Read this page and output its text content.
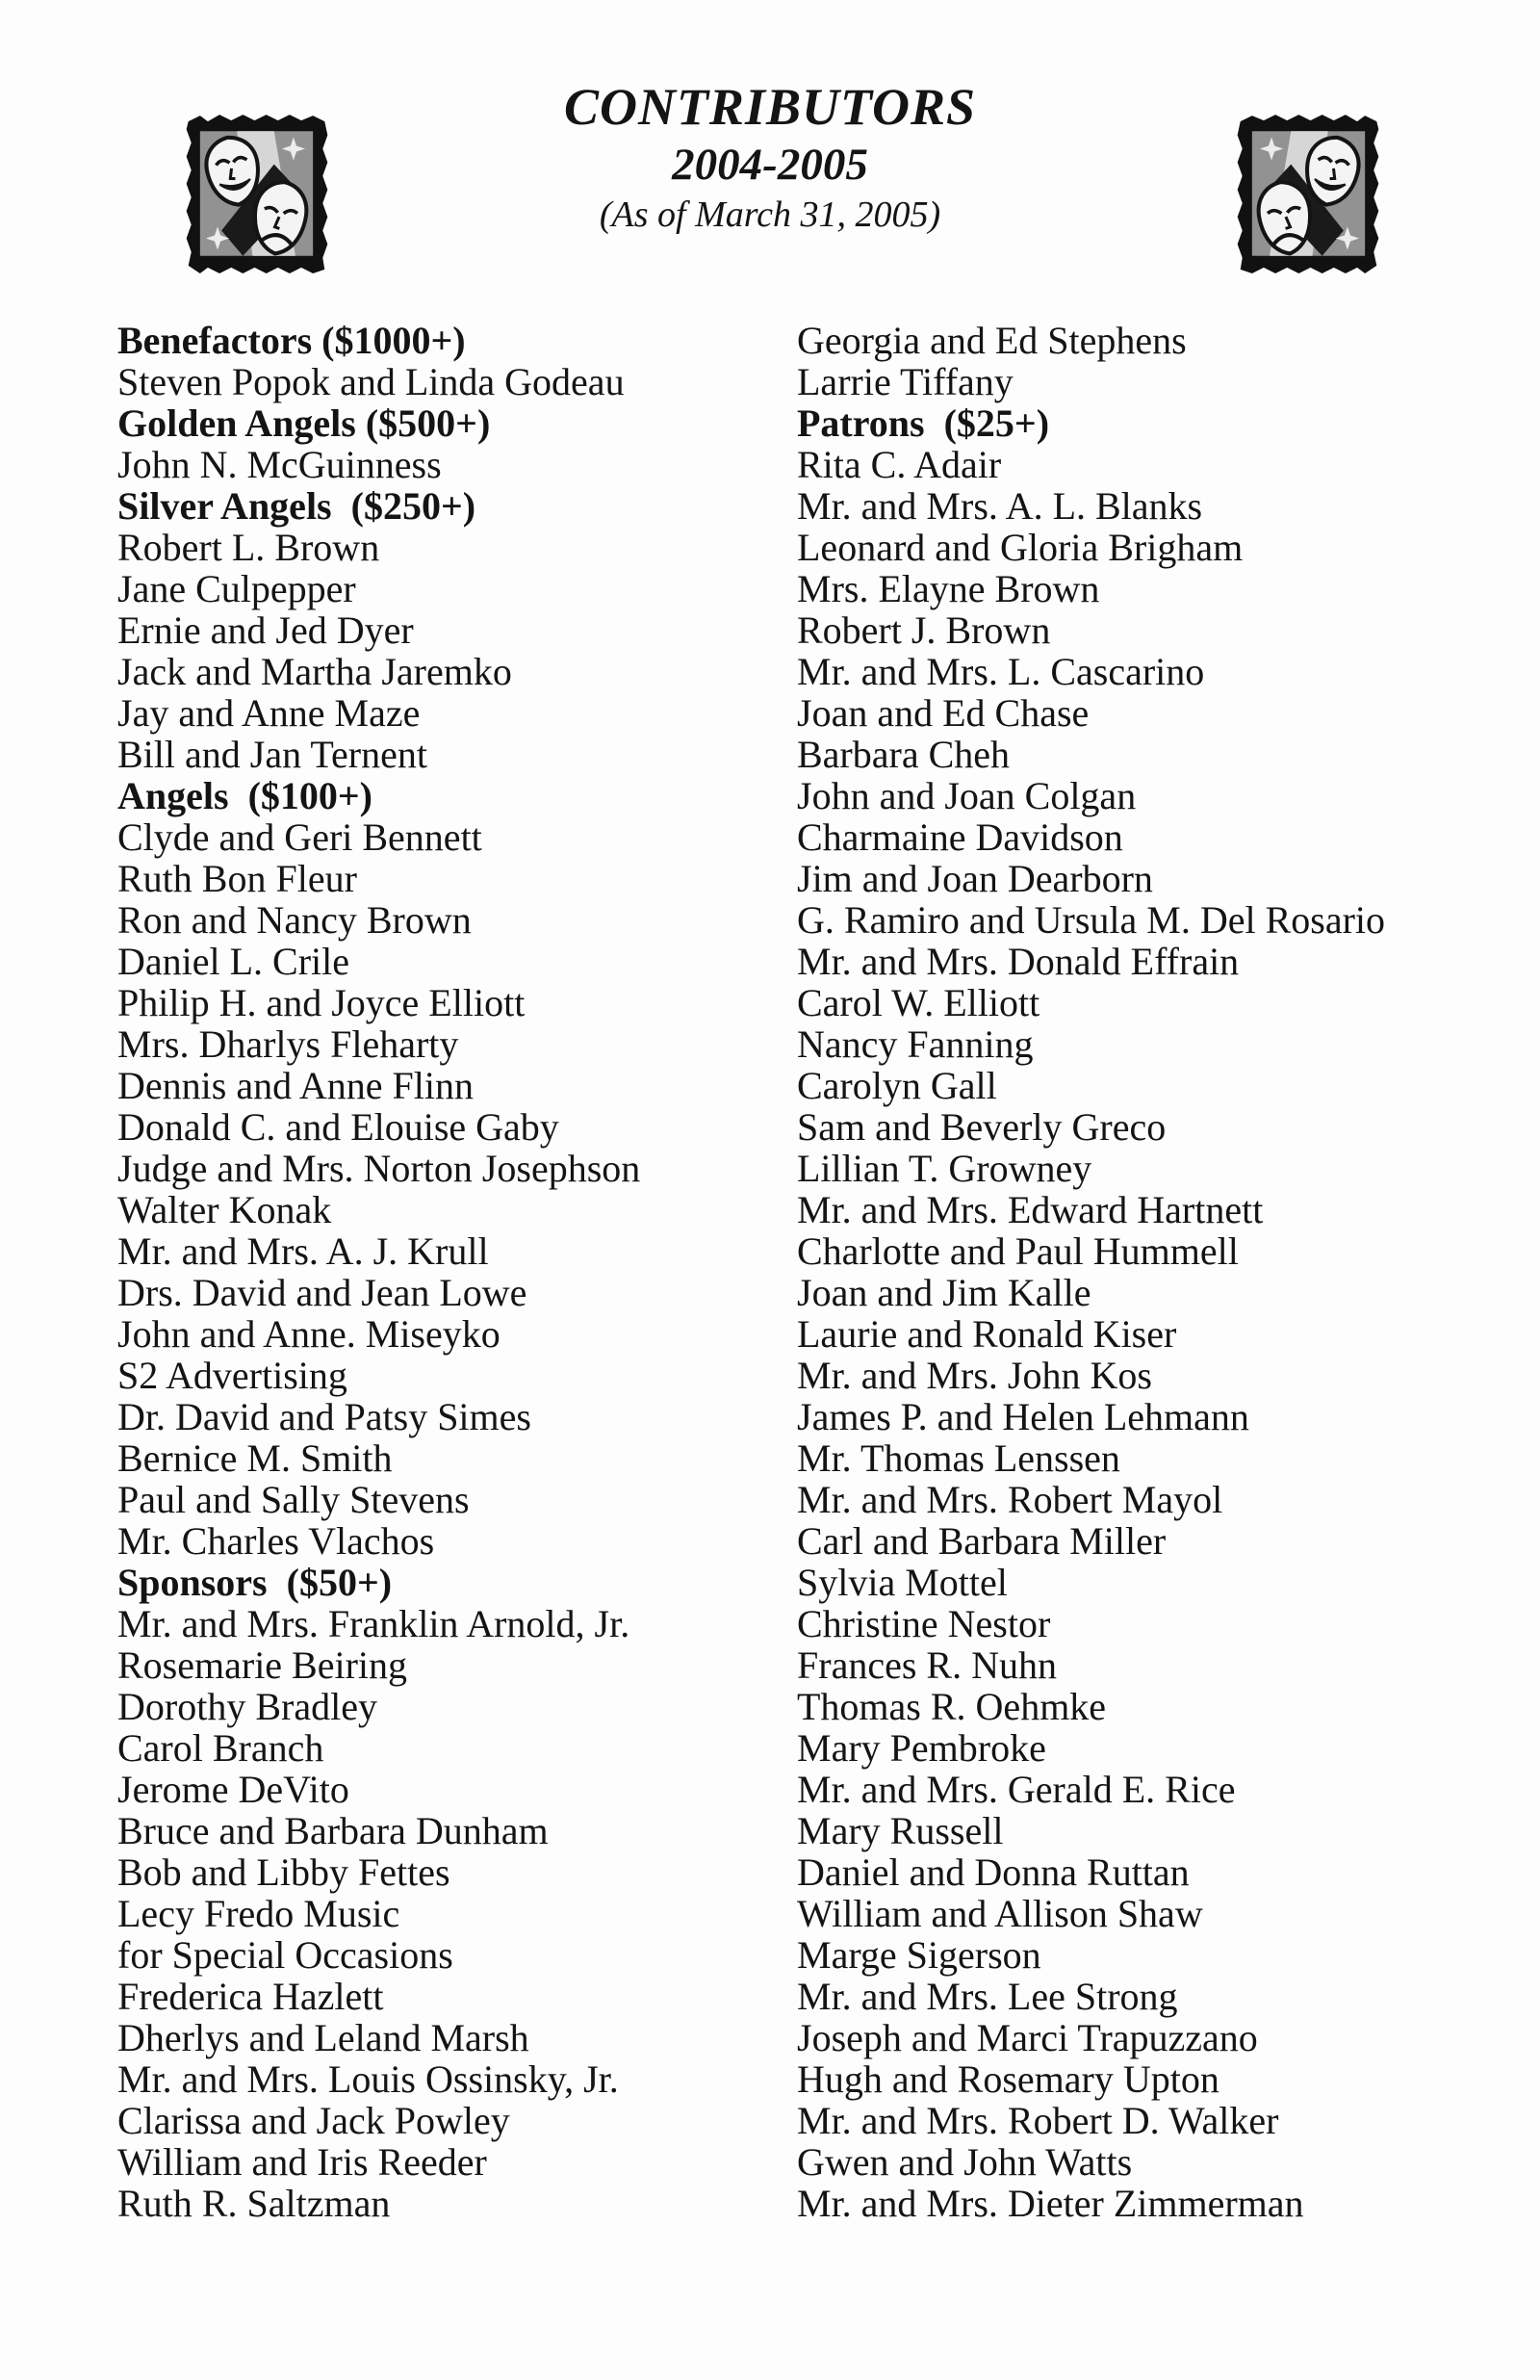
CONTRIBUTORS
2004-2005
(As of March 31, 2005)
Benefactors ($1000+)
Steven Popok and Linda Godeau
Golden Angels ($500+)
John N. McGuinness
Silver Angels  ($250+)
Robert L. Brown
Jane Culpepper
Ernie and Jed Dyer
Jack and Martha Jaremko
Jay and Anne Maze
Bill and Jan Ternent
Angels  ($100+)
Clyde and Geri Bennett
Ruth Bon Fleur
Ron and Nancy Brown
Daniel L. Crile
Philip H. and Joyce Elliott
Mrs. Dharlys Fleharty
Dennis and Anne Flinn
Donald C. and Elouise Gaby
Judge and Mrs. Norton Josephson
Walter Konak
Mr. and Mrs. A. J. Krull
Drs. David and Jean Lowe
John and Anne. Miseyko
S2 Advertising
Dr. David and Patsy Simes
Bernice M. Smith
Paul and Sally Stevens
Mr. Charles Vlachos
Sponsors  ($50+)
Mr. and Mrs. Franklin Arnold, Jr.
Rosemarie Beiring
Dorothy Bradley
Carol Branch
Jerome DeVito
Bruce and Barbara Dunham
Bob and Libby Fettes
Lecy Fredo Music
for Special Occasions
Frederica Hazlett
Dherlys and Leland Marsh
Mr. and Mrs. Louis Ossinsky, Jr.
Clarissa and Jack Powley
William and Iris Reeder
Ruth R. Saltzman
Georgia and Ed Stephens
Larrie Tiffany
Patrons  ($25+)
Rita C. Adair
Mr. and Mrs. A. L. Blanks
Leonard and Gloria Brigham
Mrs. Elayne Brown
Robert J. Brown
Mr. and Mrs. L. Cascarino
Joan and Ed Chase
Barbara Cheh
John and Joan Colgan
Charmaine Davidson
Jim and Joan Dearborn
G. Ramiro and Ursula M. Del Rosario
Mr. and Mrs. Donald Effrain
Carol W. Elliott
Nancy Fanning
Carolyn Gall
Sam and Beverly Greco
Lillian T. Growney
Mr. and Mrs. Edward Hartnett
Charlotte and Paul Hummell
Joan and Jim Kalle
Laurie and Ronald Kiser
Mr. and Mrs. John Kos
James P. and Helen Lehmann
Mr. Thomas Lenssen
Mr. and Mrs. Robert Mayol
Carl and Barbara Miller
Sylvia Mottel
Christine Nestor
Frances R. Nuhn
Thomas R. Oehmke
Mary Pembroke
Mr. and Mrs. Gerald E. Rice
Mary Russell
Daniel and Donna Ruttan
William and Allison Shaw
Marge Sigerson
Mr. and Mrs. Lee Strong
Joseph and Marci Trapuzzano
Hugh and Rosemary Upton
Mr. and Mrs. Robert D. Walker
Gwen and John Watts
Mr. and Mrs. Dieter Zimmerman
